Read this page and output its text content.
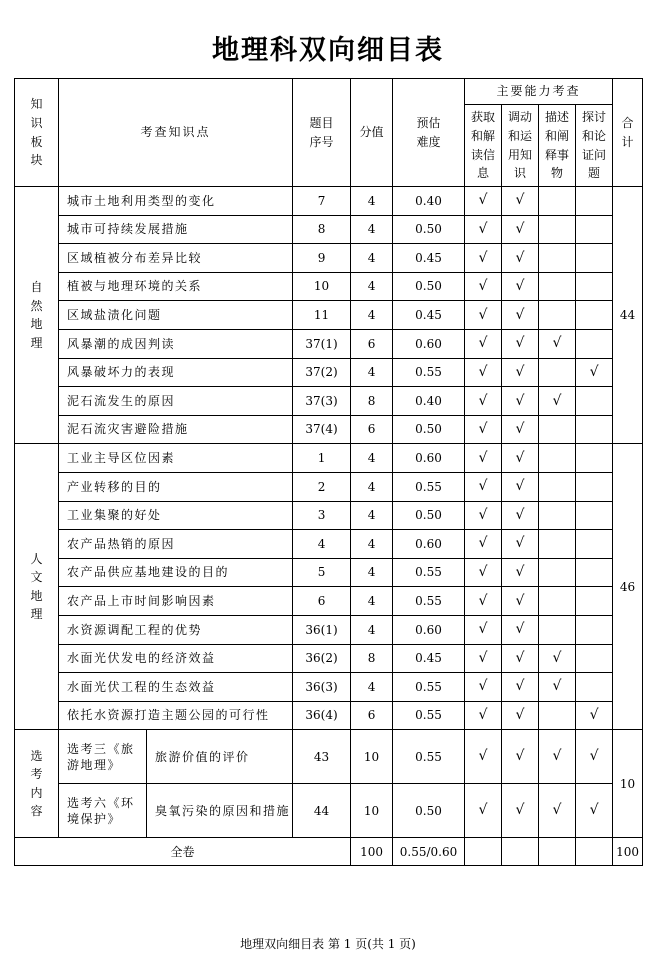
地理科双向细目表
知识板块	考查知识点		题目序号	分值	预估难度	主要能力考查				合计
						获取和解读信息	调动和运用知识	描述和阐释事物	探讨和论证问题	
自然地理	城市土地利用类型的变化		7	4	0.40	√	√			44
	城市可持续发展措施		8	4	0.50	√	√			
	区域植被分布差异比较		9	4	0.45	√	√			
	植被与地理环境的关系		10	4	0.50	√	√			
	区域盐渍化问题		11	4	0.45	√	√			
	风暴潮的成因判读		37(1)	6	0.60	√	√	√		
	风暴破坏力的表现		37(2)	4	0.55	√	√		√	
	泥石流发生的原因		37(3)	8	0.40	√	√	√		
	泥石流灾害避险措施		37(4)	6	0.50	√	√			
人文地理	工业主导区位因素		1	4	0.60	√	√			46
	产业转移的目的		2	4	0.55	√	√			
	工业集聚的好处		3	4	0.50	√	√			
	农产品热销的原因		4	4	0.60	√	√			
	农产品供应基地建设的目的		5	4	0.55	√	√			
	农产品上市时间影响因素		6	4	0.55	√	√			
	水资源调配工程的优势		36(1)	4	0.60	√	√			
	水面光伏发电的经济效益		36(2)	8	0.45	√	√	√		
	水面光伏工程的生态效益		36(3)	4	0.55	√	√	√		
	依托水资源打造主题公园的可行性		36(4)	6	0.55	√	√		√	
选考内容	选考三《旅游地理》	旅游价值的评价	43	10	0.55	√	√	√	√	10
	选考六《环境保护》	臭氧污染的原因和措施	44	10	0.50	√	√	√	√	
全卷				100	0.55/0.60					100
地理双向细目表 第 1 页(共 1 页)
